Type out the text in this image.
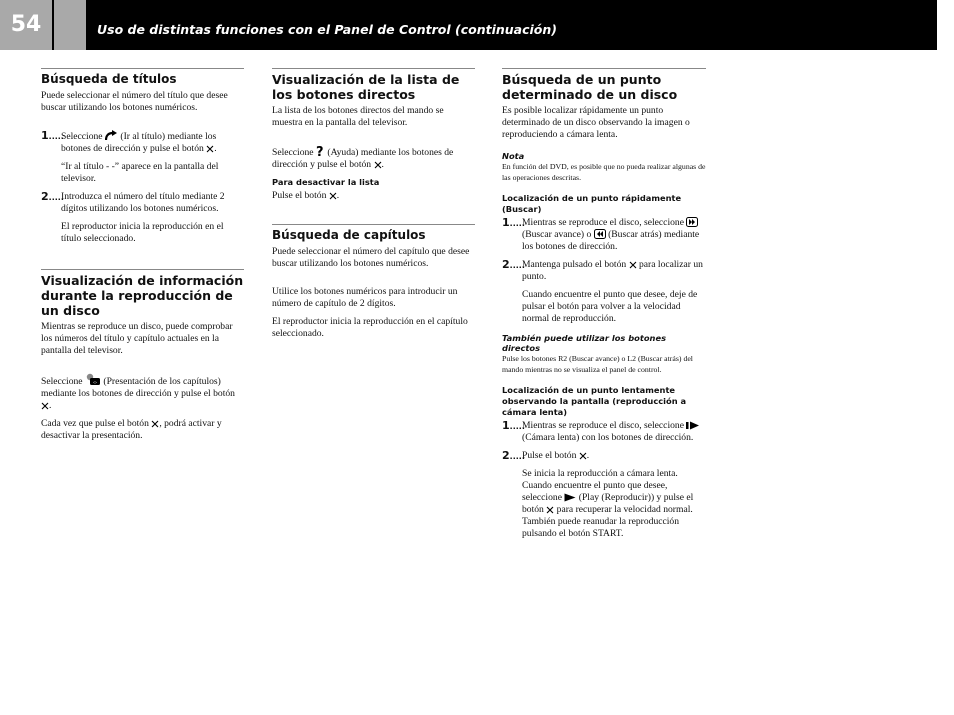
54	Uso de distintas funciones con el Panel de Control (continuación)
Búsqueda de títulos

Puede seleccionar el número del título que desee buscar utilizando los botones numéricos.

1.....
Seleccione (Ir al título) mediante los botones de dirección y pulse el botón .

“Ir al título - -” aparece en la pantalla del televisor.

2.....
Introduzca el número del título mediante 2 dígitos utilizando los botones numéricos.

El reproductor inicia la reproducción en el título seleccionado.

Visualización de información durante la reproducción de un disco

Mientras se reproduce un disco, puede comprobar los números del título y capítulo actuales en la pantalla del televisor.

Seleccione ‹› (Presentación de los capítulos) mediante los botones de dirección y pulse el botón .

Cada vez que pulse el botón , podrá activar y desactivar la presentación.

Visualización de la lista de los botones directos

La lista de los botones directos del mando se muestra en la pantalla del televisor.

Seleccione ? (Ayuda) mediante los botones de dirección y pulse el botón .

Para desactivar la lista

Pulse el botón .

Búsqueda de capítulos

Puede seleccionar el número del capítulo que desee buscar utilizando los botones numéricos.

Utilice los botones numéricos para introducir un número de capítulo de 2 dígitos.

El reproductor inicia la reproducción en el capítulo seleccionado.

Búsqueda de un punto determinado de un disco

Es posible localizar rápidamente un punto determinado de un disco observando la imagen o reproduciendo a cámara lenta.

Nota

En función del DVD, es posible que no pueda realizar algunas de las operaciones descritas.

Localización de un punto rápidamente (Buscar)
1.....
Mientras se reproduce el disco, seleccione  (Buscar avance) o (Buscar atrás) mediante los botones de dirección.
2.....
Mantenga pulsado el botón para localizar un punto.

Cuando encuentre el punto que desee, deje de pulsar el botón para volver a la velocidad normal de reproducción.

También puede utilizar los botones directos

Pulse los botones R2 (Buscar avance) o L2 (Buscar atrás) del mando mientras no se visualiza el panel de control.

Localización de un punto lentamente observando la pantalla (reproducción a cámara lenta)
1.....
Mientras se reproduce el disco, seleccione  (Cámara lenta) con los botones de dirección.
2.....
Pulse el botón .

Se inicia la reproducción a cámara lenta.
Cuando encuentre el punto que desee, seleccione (Play (Reproducir)) y pulse el botón para recuperar la velocidad normal.
También puede reanudar la reproducción pulsando el botón START.
